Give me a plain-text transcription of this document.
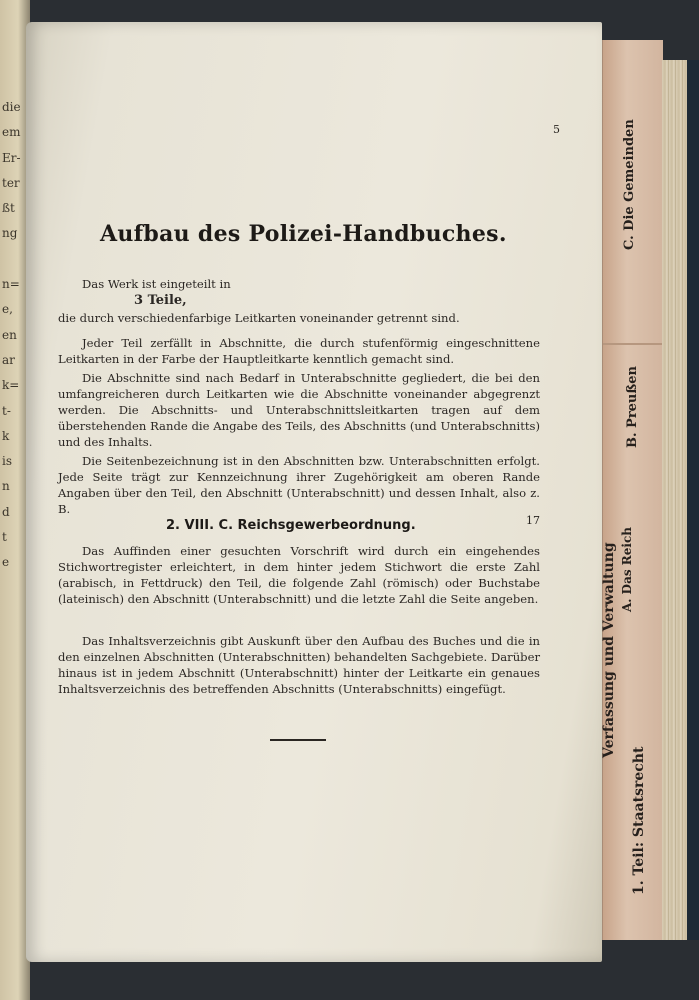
die
em
Er-
ter
ßt
ng

n=
e,
en
ar
k=
t-
k
is
n
d
t
e
5
Aufbau des Polizei-Handbuches.

Das Werk ist eingeteilt in

3 Teile,

die durch verschiedenfarbige Leitkarten voneinander getrennt sind.

Jeder Teil zerfällt in Abschnitte, die durch stufenförmig eingeschnittene Leitkarten in der Farbe der Hauptleitkarte kenntlich gemacht sind.

Die Abschnitte sind nach Bedarf in Unterabschnitte gegliedert, die bei den umfangreicheren durch Leitkarten wie die Abschnitte voneinander abgegrenzt werden. Die Abschnitts- und Unterabschnittsleitkarten tragen auf dem überstehenden Rande die Angabe des Teils, des Abschnitts (und Unterabschnitts) und des Inhalts.

Die Seitenbezeichnung ist in den Abschnitten bzw. Unterabschnitten erfolgt. Jede Seite trägt zur Kennzeichnung ihrer Zugehörigkeit am oberen Rande Angaben über den Teil, den Abschnitt (Unterabschnitt) und dessen Inhalt, also z. B.

2. VIII. C. Reichsgewerbeordnung.	17

Das Auffinden einer gesuchten Vorschrift wird durch ein eingehendes Stichwortregister erleichtert, in dem hinter jedem Stichwort die erste Zahl (arabisch, in Fettdruck) den Teil, die folgende Zahl (römisch) oder Buchstabe (lateinisch) den Abschnitt (Unterabschnitt) und die letzte Zahl die Seite angeben.

Das Inhaltsverzeichnis gibt Auskunft über den Aufbau des Buches und die in den einzelnen Abschnitten (Unterabschnitten) behandelten Sachgebiete. Darüber hinaus ist in jedem Abschnitt (Unterabschnitt) hinter der Leitkarte ein genaues Inhaltsverzeichnis des betreffenden Abschnitts (Unterabschnitts) eingefügt.

C. Die Gemeinden
B. Preußen
Verfassung und Verwaltung A. Das Reich
1. Teil: Staatsrecht
